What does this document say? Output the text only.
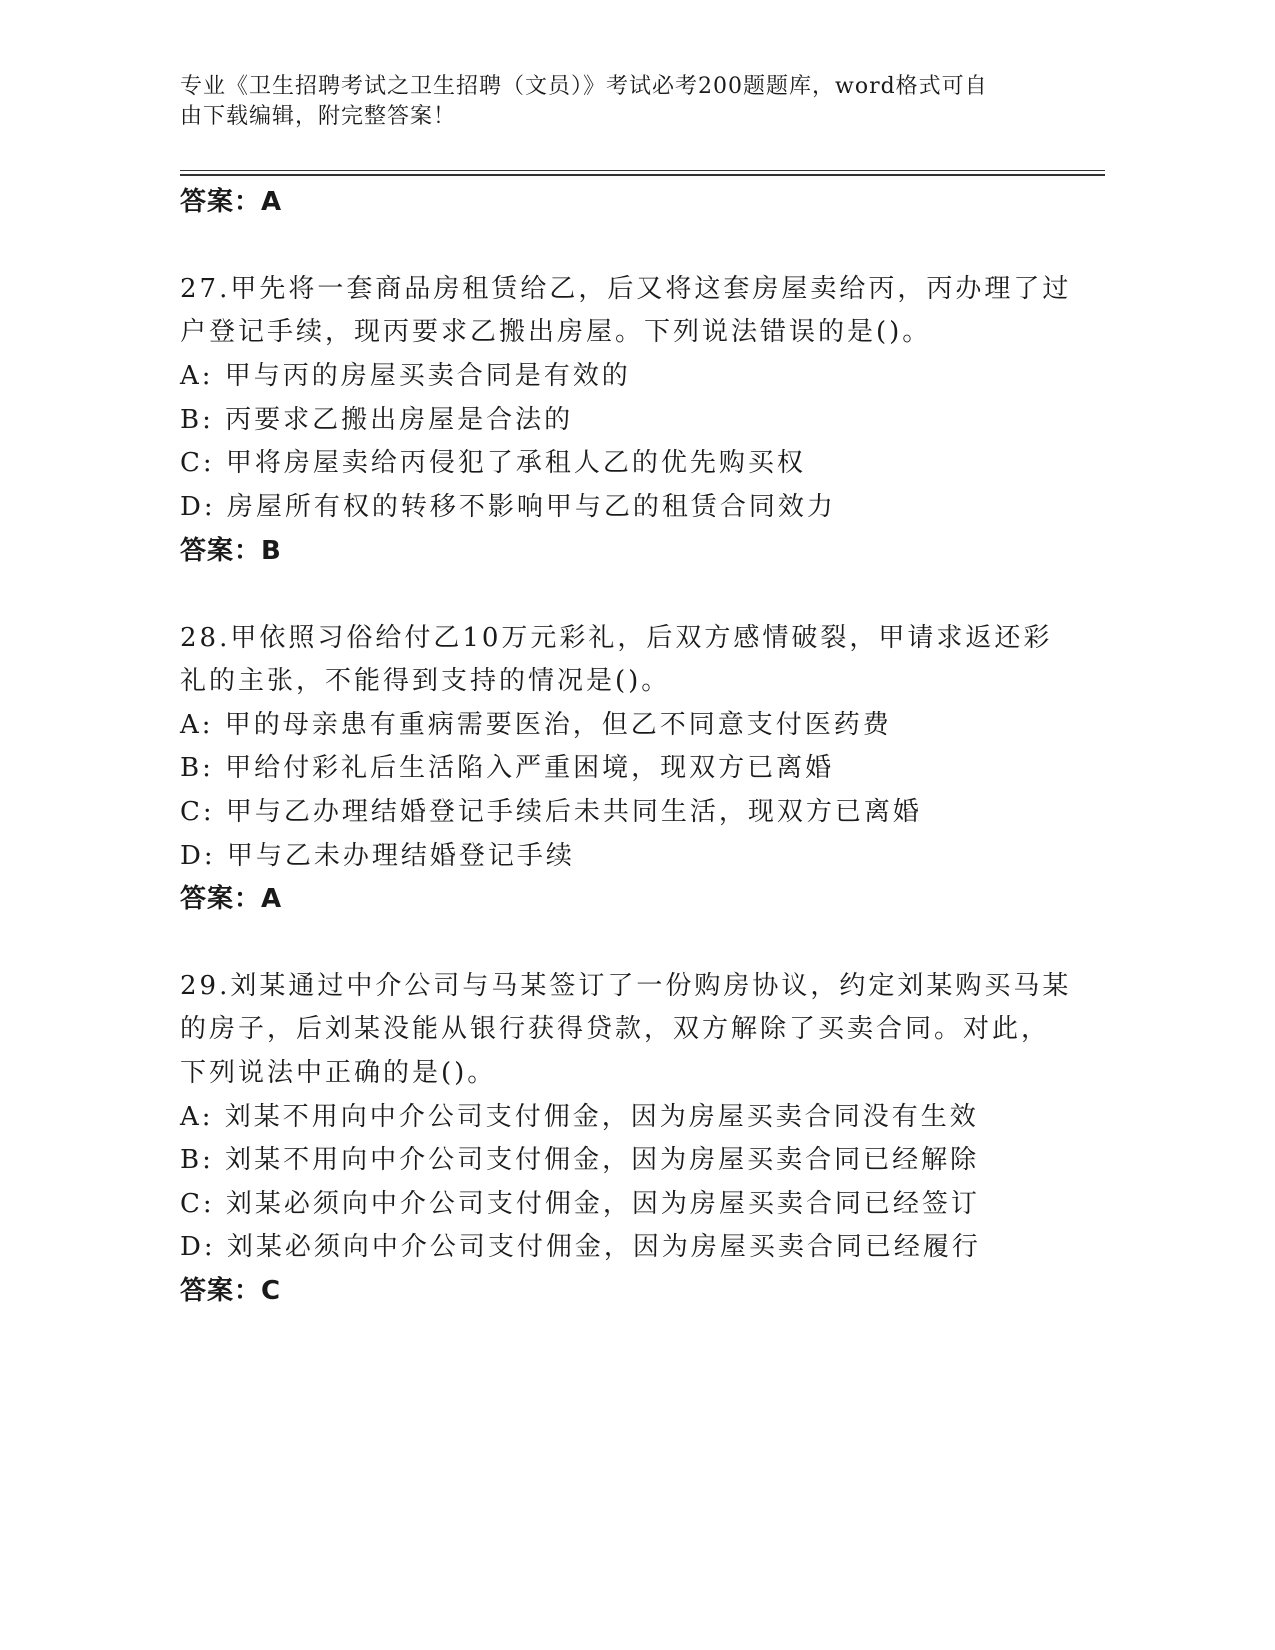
专业《卫生招聘考试之卫生招聘（文员）》考试必考200题题库，word格式可自
由下载编辑，附完整答案！
答案：A
27.甲先将一套商品房租赁给乙，后又将这套房屋卖给丙，丙办理了过
户登记手续，现丙要求乙搬出房屋。下列说法错误的是()。
A: 甲与丙的房屋买卖合同是有效的
B: 丙要求乙搬出房屋是合法的
C: 甲将房屋卖给丙侵犯了承租人乙的优先购买权
D: 房屋所有权的转移不影响甲与乙的租赁合同效力
答案：B
28.甲依照习俗给付乙10万元彩礼，后双方感情破裂，甲请求返还彩
礼的主张，不能得到支持的情况是()。
A: 甲的母亲患有重病需要医治，但乙不同意支付医药费
B: 甲给付彩礼后生活陷入严重困境，现双方已离婚
C: 甲与乙办理结婚登记手续后未共同生活，现双方已离婚
D: 甲与乙未办理结婚登记手续
答案：A
29.刘某通过中介公司与马某签订了一份购房协议，约定刘某购买马某
的房子，后刘某没能从银行获得贷款，双方解除了买卖合同。对此，
下列说法中正确的是()。
A: 刘某不用向中介公司支付佣金，因为房屋买卖合同没有生效
B: 刘某不用向中介公司支付佣金，因为房屋买卖合同已经解除
C: 刘某必须向中介公司支付佣金，因为房屋买卖合同已经签订
D: 刘某必须向中介公司支付佣金，因为房屋买卖合同已经履行
答案：C
